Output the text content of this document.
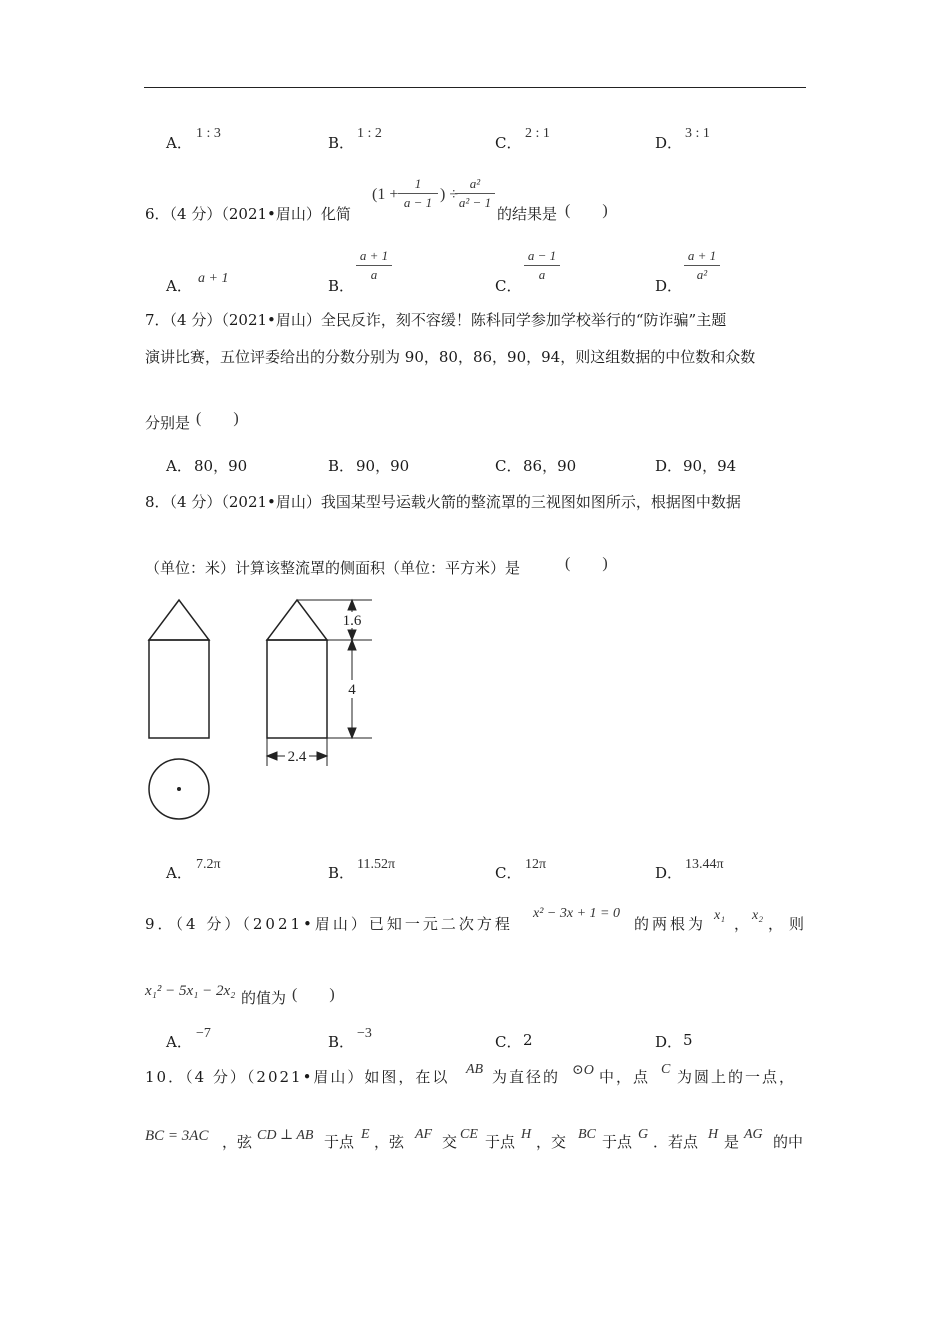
A．
1 : 3
B．
1 : 2
C．
2 : 1
D．
3 : 1
6．（4 分）（2021•眉山）化简
(1 +
1
a − 1 ) ÷
a²
a² − 1
的结果是 (　　)
A． a + 1	B．
a + 1
a
C．
a − 1
a
D．
a + 1
a²
7．（4 分）（2021•眉山）全民反诈，刻不容缓！陈科同学参加学校举行的“防诈骗”主题
演讲比赛，五位评委给出的分数分别为 90，80，86，90，94，则这组数据的中位数和众数
分别是 (　　)
A． 80，90	B． 90，90	C． 86，90	D． 90，94
8．（4 分）（2021•眉山）我国某型号运载火箭的整流罩的三视图如图所示，根据图中数据
（单位：米）计算该整流罩的侧面积（单位：平方米）是	(　　)
1.6
4
2.4
A． 7.2π	B． 11.52π	C． 12π	D． 13.44π
9．（4 分）（2021•眉山）已知一元二次方程
x² − 3x + 1 = 0
的两根为 x₁ ， x₂ ，则
x₁² − 5x₁ − 2x₂ 的值为 (　　)
A． −7	B． −3	C． 2	D． 5
10．（4 分）（2021•眉山）如图，在以 AB 为直径的 ⊙O 中，点 C 为圆上的一点，
BC = 3AC ，弦 CD ⊥ AB 于点 E ，弦 AF 交 CE 于点 H ，交 BC 于点 G ．若点 H 是 AG 的中
